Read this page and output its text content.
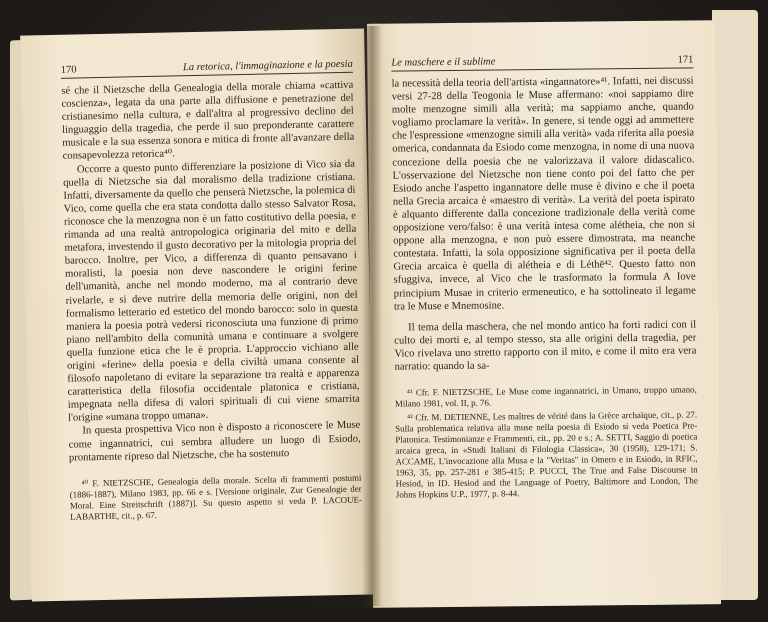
170	La retorica, l'immaginazione e la poesia

sé che il Nietzsche della Genealogia della morale chiama «cattiva coscienza», legata da una parte alla diffusione e penetrazione del cristianesimo nella cultura, e dall'altra al progressivo declino del linguaggio della tragedia, che perde il suo preponderante carattere musicale e la sua essenza sonora e mitica di fronte all'avanzare della consapevolezza retorica⁴⁰.

Occorre a questo punto differenziare la posizione di Vico sia da quella di Nietzsche sia dal moralismo della tradizione cristiana. Infatti, diversamente da quello che penserà Nietzsche, la polemica di Vico, come quella che era stata condotta dallo stesso Salvator Rosa, riconosce che la menzogna non è un fatto costitutivo della poesia, e rimanda ad una realtà antropologica originaria del mito e della metafora, investendo il gusto decorativo per la mitologia propria del barocco. Inoltre, per Vico, a differenza di quanto pensavano i moralisti, la poesia non deve nascondere le origini ferine dell'umanità, anche nel mondo moderno, ma al contrario deve rivelarle, e si deve nutrire della memoria delle origini, non del formalismo letterario ed estetico del mondo barocco: solo in questa maniera la poesia potrà vedersi riconosciuta una funzione di primo piano nell'ambito della comunità umana e continuare a svolgere quella funzione etica che le è propria. L'approccio vichiano alle origini «ferine» della poesia e della civiltà umana consente al filosofo napoletano di evitare la separazione tra realtà e apparenza caratteristica della filosofia occidentale platonica e cristiana, impegnata nella difesa di valori spirituali di cui viene smarrita l'origine «umana troppo umana».

In questa prospettiva Vico non è disposto a riconoscere le Muse come ingannatrici, cui sembra alludere un luogo di Esiodo, prontamente ripreso dal Nietzsche, che ha sostenuto

⁴⁰ F. NIETZSCHE, Genealogia della morale. Scelta di frammenti postumi (1886-1887), Milano 1983, pp. 66 e s. [Versione originale, Zur Genealogie der Moral. Eine Streitschrift (1887)]. Su questo aspetto si veda P. LACOUE-LABARTHE, cit., p. 67.

Le maschere e il sublime	171

la necessità della teoria dell'artista «ingannatore»⁴¹. Infatti, nei discussi versi 27-28 della Teogonia le Muse affermano: «noi sappiamo dire molte menzogne simili alla verità; ma sappiamo anche, quando vogliamo proclamare la verità». In genere, si tende oggi ad ammettere che l'espressione «menzogne simili alla verità» vada riferita alla poesia omerica, condannata da Esiodo come menzogna, in nome di una nuova concezione della poesia che ne valorizzava il valore didascalico. L'osservazione del Nietzsche non tiene conto poi del fatto che per Esiodo anche l'aspetto ingannatore delle muse è divino e che il poeta nella Grecia arcaica è «maestro di verità». La verità del poeta ispirato è alquanto differente dalla concezione tradizionale della verità come opposizione vero/falso: è una verità intesa come alétheia, che non si oppone alla menzogna, e non può essere dimostrata, ma neanche contestata. Infatti, la sola opposizione significativa per il poeta della Grecia arcaica è quella di alétheia e di Léthē⁴². Questo fatto non sfuggiva, invece, al Vico che le trasformato la formula A Iove principium Musae in criterio ermeneutico, e ha sottolineato il legame tra le Muse e Mnemosine.

Il tema della maschera, che nel mondo antico ha forti radici con il culto dei morti e, al tempo stesso, sta alle origini della tragedia, per Vico rivelava uno stretto rapporto con il mito, e come il mito era vera narratio: quando la sa-

⁴¹ Cfr. F. NIETZSCHE, Le Muse come ingannatrici, in Umano, troppo umano, Milano 1981, vol. II, p. 76.

⁴² Cfr. M. DETIENNE, Les maîtres de vérité dans la Grèce archaïque, cit., p. 27. Sulla problematica relativa alla muse nella poesia di Esiodo si veda Poetica Pre-Platonica. Testimonianze e Frammenti, cit., pp. 20 e s.; A. SETTI, Saggio di poetica arcaica greca, in «Studi Italiani di Filologia Classica», 30 (1958), 129-171; S. ACCAME, L'invocazione alla Musa e la "Veritas" in Omero e in Esiodo, in RFIC, 1963, 35, pp. 257-281 e 385-415; P. PUCCI, The True and False Discourse in Hesiod, in ID. Hesiod and the Language of Poetry, Baltimore and London, The Johns Hopkins U.P., 1977, p. 8-44.
